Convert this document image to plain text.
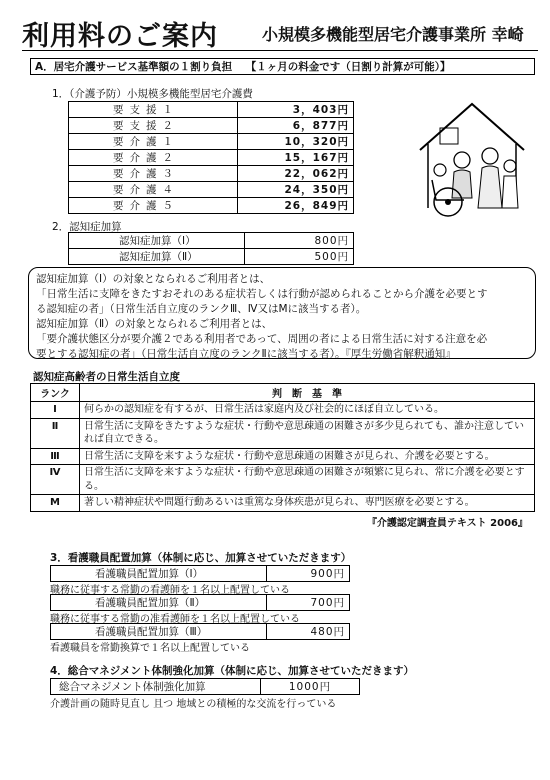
利用料のご案内	小規模多機能型居宅介護事業所 幸崎
A．居宅介護サービス基準額の１割り負担 【１ヶ月の料金です（日割り計算が可能）】
1．（介護予防）小規模多機能型居宅介護費
要支援１	3，403円
要支援２	6，877円
要介護１	10，320円
要介護２	15，167円
要介護３	22，062円
要介護４	24，350円
要介護５	26，849円
2．認知症加算
認知症加算（Ⅰ）	800円
認知症加算（Ⅱ）	500円
認知症加算（Ⅰ）の対象となられるご利用者とは、
「日常生活に支障をきたすおそれのある症状若しくは行動が認められることから介護を必要とす
る認知症の者」（日常生活自立度のランクⅢ、Ⅳ又はMに該当する者）。
認知症加算（Ⅱ）の対象となられるご利用者とは、
「要介護状態区分が要介護２である利用者であって、周囲の者による日常生活に対する注意を必
要とする認知症の者」（日常生活自立度のランクⅡに該当する者）。『厚生労働省解釈通知』
認知症高齢者の日常生活自立度
ランク	判　断　基　準
Ⅰ	何らかの認知症を有するが、日常生活は家庭内及び社会的にほぼ自立している。
Ⅱ	日常生活に支障をきたすような症状・行動や意思疎通の困難さが多少見られても、誰か注意していれば自立できる。
Ⅲ	日常生活に支障を来すような症状・行動や意思疎通の困難さが見られ、介護を必要とする。
Ⅳ	日常生活に支障を来すような症状・行動や意思疎通の困難さが頻繁に見られ、常に介護を必要とする。
M	著しい精神症状や問題行動あるいは重篤な身体疾患が見られ、専門医療を必要とする。
『介護認定調査員テキスト 2006』
3．看護職員配置加算（体制に応じ、加算させていただきます）
看護職員配置加算（Ⅰ）	900円
職務に従事する常勤の看護師を１名以上配置している
看護職員配置加算（Ⅱ）	700円
職務に従事する常勤の准看護師を１名以上配置している
看護職員配置加算（Ⅲ）	480円
看護職員を常勤換算で１名以上配置している
4．総合マネジメント体制強化加算（体制に応じ、加算させていただきます）
総合マネジメント体制強化加算	1000円
介護計画の随時見直し 且つ 地域との積極的な交流を行っている
